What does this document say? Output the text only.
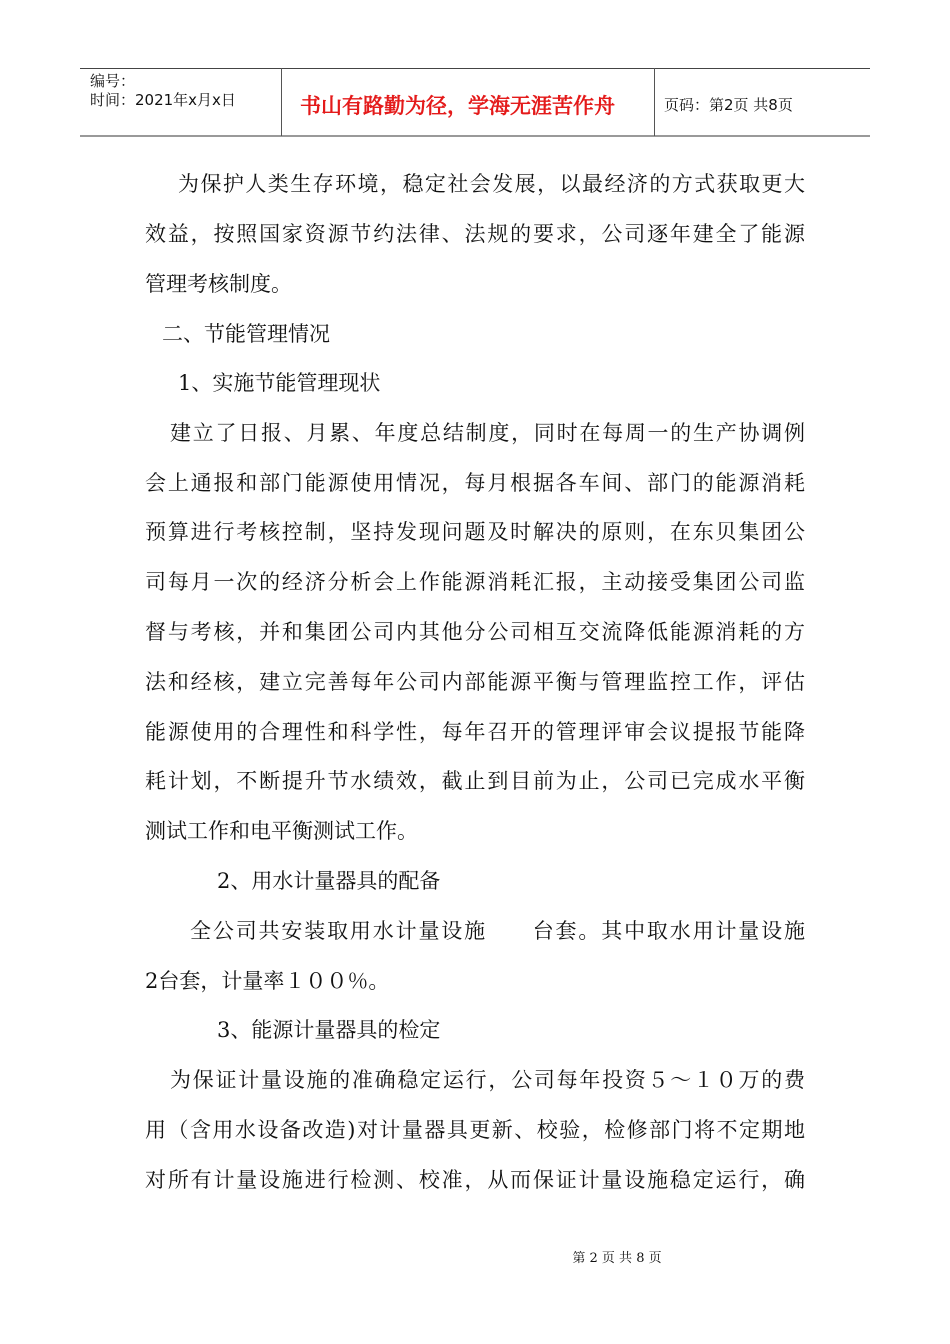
编号：
时间：2021年x月x日	书山有路勤为径，学海无涯苦作舟	页码：第2页 共8页
为保护人类生存环境，稳定社会发展，以最经济的方式获取更大
效益，按照国家资源节约法律、法规的要求，公司逐年建全了能源
管理考核制度。
二、节能管理情况
1、实施节能管理现状
建立了日报、月累、年度总结制度，同时在每周一的生产协调例
会上通报和部门能源使用情况，每月根据各车间、部门的能源消耗
预算进行考核控制，坚持发现问题及时解决的原则，在东贝集团公
司每月一次的经济分析会上作能源消耗汇报，主动接受集团公司监
督与考核，并和集团公司内其他分公司相互交流降低能源消耗的方
法和经核，建立完善每年公司内部能源平衡与管理监控工作，评估
能源使用的合理性和科学性，每年召开的管理评审会议提报节能降
耗计划，不断提升节水绩效，截止到目前为止，公司已完成水平衡
测试工作和电平衡测试工作。
2、用水计量器具的配备
全公司共安装取用水计量设施　　台套。其中取水用计量设施
2台套，计量率１００％。
3、能源计量器具的检定
为保证计量设施的准确稳定运行，公司每年投资５～１０万的费
用（含用水设备改造)对计量器具更新、校验，检修部门将不定期地
对所有计量设施进行检测、校准，从而保证计量设施稳定运行，确
第 2 页 共 8 页
